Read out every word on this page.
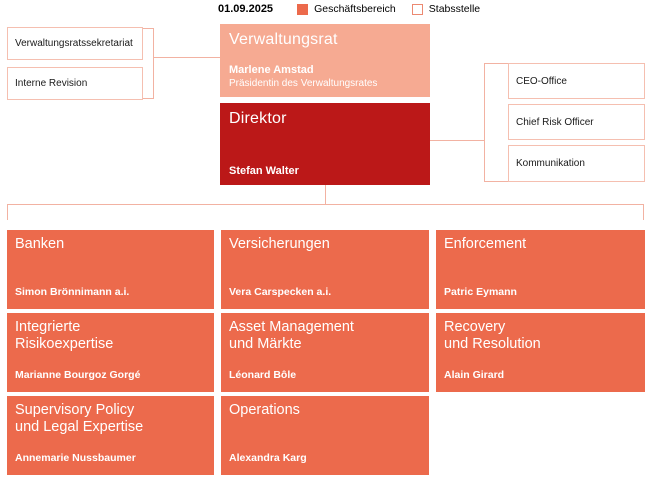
01.09.2025	Geschäftsbereich	Stabsstelle
Verwaltungsratssekretariat
Interne Revision
Verwaltungsrat
Marlene Amstad
Präsidentin des Verwaltungsrates
Direktor
Stefan Walter
CEO-Office
Chief Risk Officer
Kommunikation
Banken
Simon Brönnimann a.i.
Versicherungen
Vera Carspecken a.i.
Enforcement
Patric Eymann
Integrierte
Risikoexpertise
Marianne Bourgoz Gorgé
Asset Management
und Märkte
Léonard Bôle
Recovery
und Resolution
Alain Girard
Supervisory Policy
und Legal Expertise
Annemarie Nussbaumer
Operations
Alexandra Karg
